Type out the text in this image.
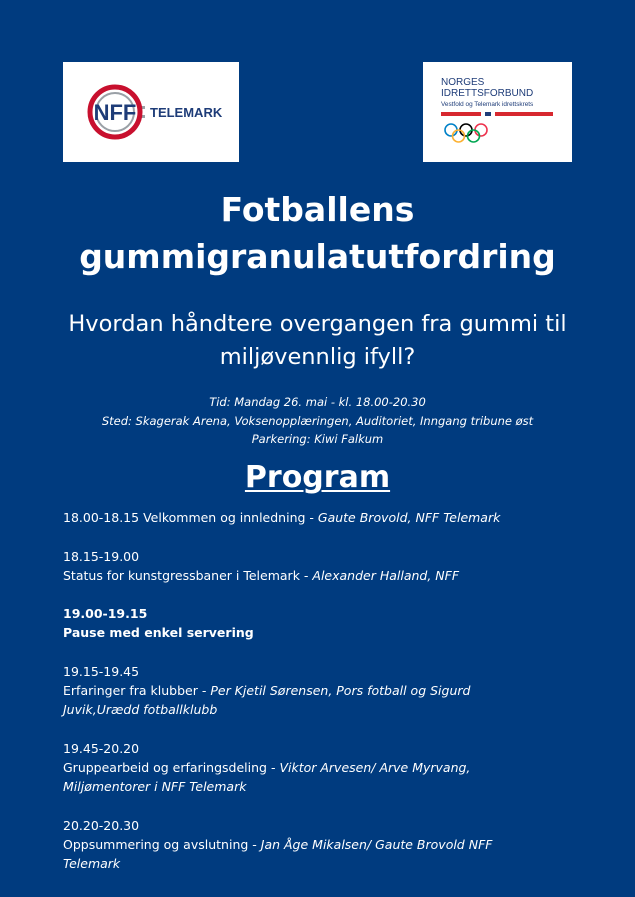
NFF TELEMARK
NORGES
IDRETTSFORBUND
Vestfold og Telemark idrettskrets
Fotballens
gummigranulatutfordring
Hvordan håndtere overgangen fra gummi til
miljøvennlig ifyll?
Tid: Mandag 26. mai - kl. 18.00-20.30
Sted: Skagerak Arena, Voksenopplæringen, Auditoriet, Inngang tribune øst
Parkering: Kiwi Falkum
Program
18.00-18.15 Velkommen og innledning - Gaute Brovold, NFF Telemark
18.15-19.00
Status for kunstgressbaner i Telemark - Alexander Halland, NFF
19.00-19.15
Pause med enkel servering
19.15-19.45
Erfaringer fra klubber - Per Kjetil Sørensen, Pors fotball og Sigurd
Juvik,Urædd fotballklubb
19.45-20.20
Gruppearbeid og erfaringsdeling - Viktor Arvesen/ Arve Myrvang,
Miljømentorer i NFF Telemark
20.20-20.30
Oppsummering og avslutning - Jan Åge Mikalsen/ Gaute Brovold NFF
Telemark
